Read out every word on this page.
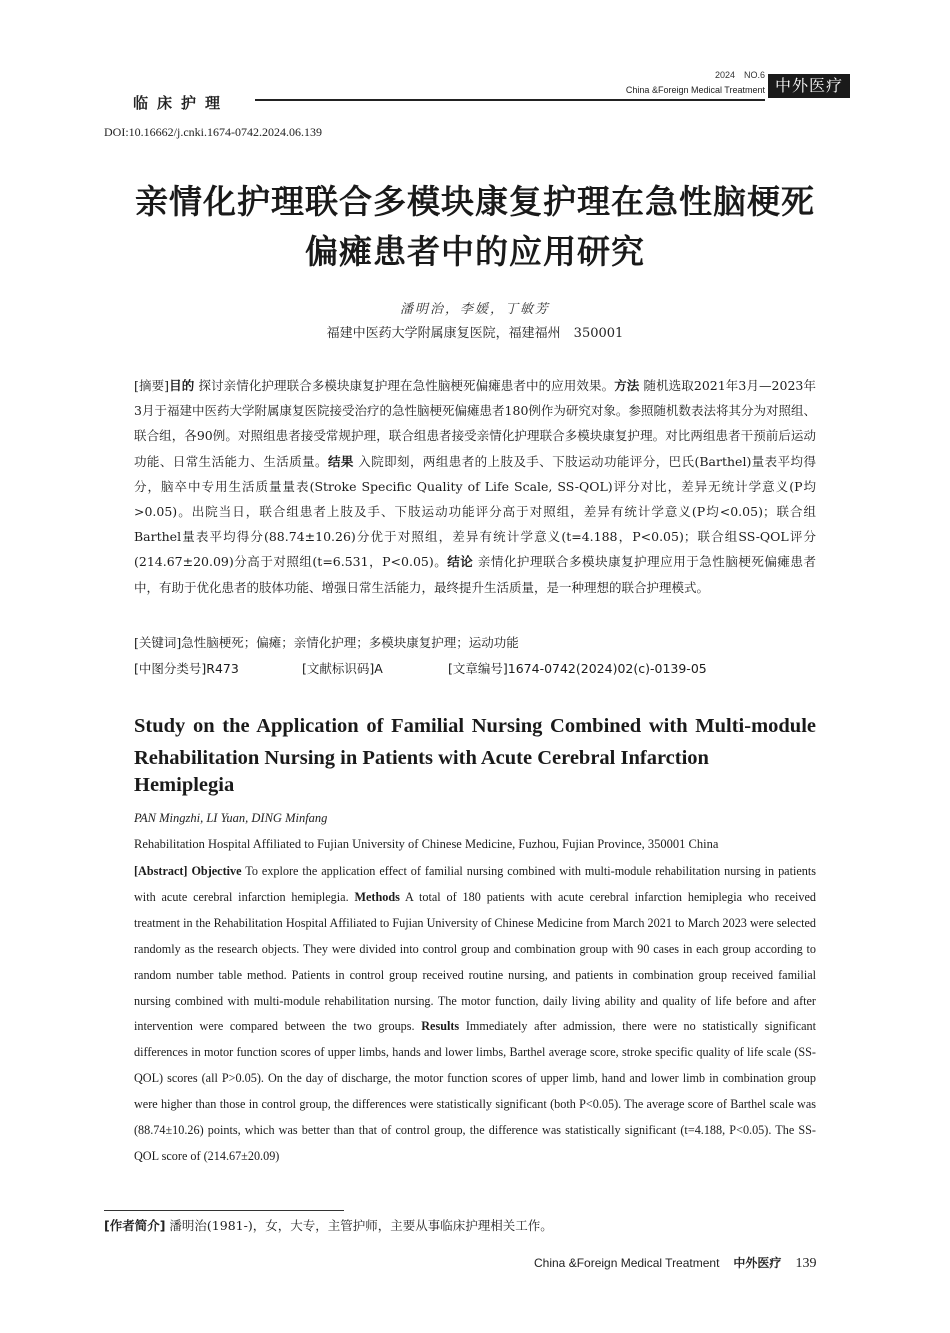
临床护理
2024　NO.6
China &Foreign Medical Treatment 中外医疗
DOI:10.16662/j.cnki.1674-0742.2024.06.139
亲情化护理联合多模块康复护理在急性脑梗死
偏瘫患者中的应用研究
潘明治，李媛，丁敏芳
福建中医药大学附属康复医院，福建福州　350001
[摘要]目的 探讨亲情化护理联合多模块康复护理在急性脑梗死偏瘫患者中的应用效果。方法 随机选取2021年3月—2023年3月于福建中医药大学附属康复医院接受治疗的急性脑梗死偏瘫患者180例作为研究对象。参照随机数表法将其分为对照组、联合组，各90例。对照组患者接受常规护理，联合组患者接受亲情化护理联合多模块康复护理。对比两组患者干预前后运动功能、日常生活能力、生活质量。结果 入院即刻，两组患者的上肢及手、下肢运动功能评分，巴氏(Barthel)量表平均得分，脑卒中专用生活质量量表(Stroke Specific Quality of Life Scale, SS-QOL)评分对比，差异无统计学意义(P均>0.05)。出院当日，联合组患者上肢及手、下肢运动功能评分高于对照组，差异有统计学意义(P均<0.05)；联合组Barthel量表平均得分(88.74±10.26)分优于对照组，差异有统计学意义(t=4.188，P<0.05)；联合组SS-QOL评分(214.67±20.09)分高于对照组(t=6.531，P<0.05)。结论 亲情化护理联合多模块康复护理应用于急性脑梗死偏瘫患者中，有助于优化患者的肢体功能、增强日常生活能力，最终提升生活质量，是一种理想的联合护理模式。
[关键词]急性脑梗死；偏瘫；亲情化护理；多模块康复护理；运动功能
[中图分类号]R473	[文献标识码]A	[文章编号]1674-0742(2024)02(c)-0139-05
Study on the Application of Familial Nursing Combined with Multi-module Rehabilitation Nursing in Patients with Acute Cerebral Infarction
Hemiplegia
PAN Mingzhi, LI Yuan, DING Minfang
Rehabilitation Hospital Affiliated to Fujian University of Chinese Medicine, Fuzhou, Fujian Province, 350001 China
[Abstract] Objective To explore the application effect of familial nursing combined with multi-module rehabilitation nursing in patients with acute cerebral infarction hemiplegia. Methods A total of 180 patients with acute cerebral infarction hemiplegia who received treatment in the Rehabilitation Hospital Affiliated to Fujian University of Chinese Medicine from March 2021 to March 2023 were selected randomly as the research objects. They were divided into control group and combination group with 90 cases in each group according to random number table method. Patients in control group received routine nursing, and patients in combination group received familial nursing combined with multi-module rehabilitation nursing. The motor function, daily living ability and quality of life before and after intervention were compared between the two groups. Results Immediately after admission, there were no statistically significant differences in motor function scores of upper limbs, hands and lower limbs, Barthel average score, stroke specific quality of life scale (SS-QOL) scores (all P>0.05). On the day of discharge, the motor function scores of upper limb, hand and lower limb in combination group were higher than those in control group, the differences were statistically significant (both P<0.05). The average score of Barthel scale was (88.74±10.26) points, which was better than that of control group, the difference was statistically significant (t=4.188, P<0.05). The SS-QOL score of (214.67±20.09)
[作者简介] 潘明治(1981-)，女，大专，主管护师，主要从事临床护理相关工作。
China &Foreign Medical Treatment 中外医疗 139
